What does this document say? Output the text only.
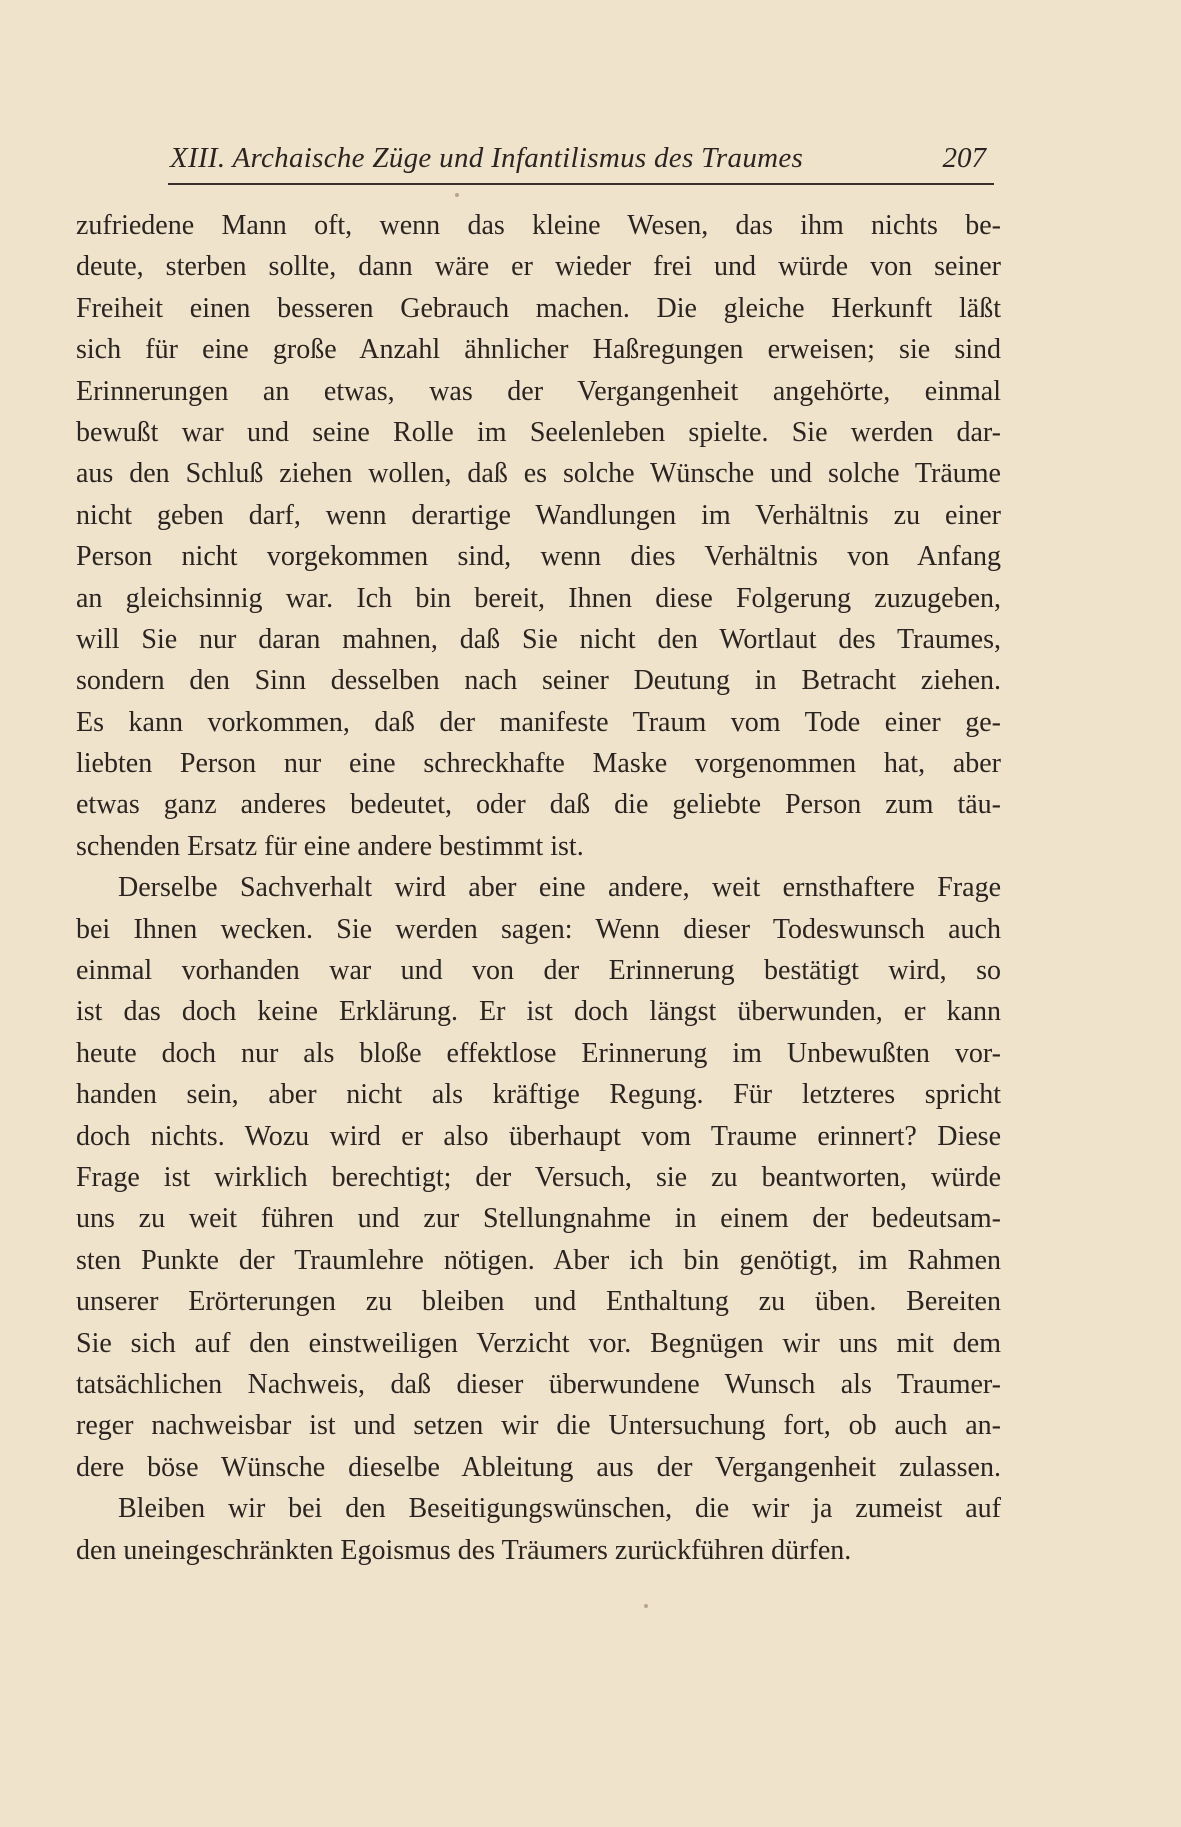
XIII. Archaische Züge und Infantilismus des Traumes	207
zufriedene Mann oft, wenn das kleine Wesen, das ihm nichts be-
deute, sterben sollte, dann wäre er wieder frei und würde von seiner
Freiheit einen besseren Gebrauch machen. Die gleiche Herkunft läßt
sich für eine große Anzahl ähnlicher Haßregungen erweisen; sie sind
Erinnerungen an etwas, was der Vergangenheit angehörte, einmal
bewußt war und seine Rolle im Seelenleben spielte. Sie werden dar-
aus den Schluß ziehen wollen, daß es solche Wünsche und solche Träume
nicht geben darf, wenn derartige Wandlungen im Verhältnis zu einer
Person nicht vorgekommen sind, wenn dies Verhältnis von Anfang
an gleichsinnig war. Ich bin bereit, Ihnen diese Folgerung zuzugeben,
will Sie nur daran mahnen, daß Sie nicht den Wortlaut des Traumes,
sondern den Sinn desselben nach seiner Deutung in Betracht ziehen.
Es kann vorkommen, daß der manifeste Traum vom Tode einer ge-
liebten Person nur eine schreckhafte Maske vorgenommen hat, aber
etwas ganz anderes bedeutet, oder daß die geliebte Person zum täu-
schenden Ersatz für eine andere bestimmt ist.
Derselbe Sachverhalt wird aber eine andere, weit ernsthaftere Frage
bei Ihnen wecken. Sie werden sagen: Wenn dieser Todeswunsch auch
einmal vorhanden war und von der Erinnerung bestätigt wird, so
ist das doch keine Erklärung. Er ist doch längst überwunden, er kann
heute doch nur als bloße effektlose Erinnerung im Unbewußten vor-
handen sein, aber nicht als kräftige Regung. Für letzteres spricht
doch nichts. Wozu wird er also überhaupt vom Traume erinnert? Diese
Frage ist wirklich berechtigt; der Versuch, sie zu beantworten, würde
uns zu weit führen und zur Stellungnahme in einem der bedeutsam-
sten Punkte der Traumlehre nötigen. Aber ich bin genötigt, im Rahmen
unserer Erörterungen zu bleiben und Enthaltung zu üben. Bereiten
Sie sich auf den einstweiligen Verzicht vor. Begnügen wir uns mit dem
tatsächlichen Nachweis, daß dieser überwundene Wunsch als Traumer-
reger nachweisbar ist und setzen wir die Untersuchung fort, ob auch an-
dere böse Wünsche dieselbe Ableitung aus der Vergangenheit zulassen.
Bleiben wir bei den Beseitigungswünschen, die wir ja zumeist auf
den uneingeschränkten Egoismus des Träumers zurückführen dürfen.
